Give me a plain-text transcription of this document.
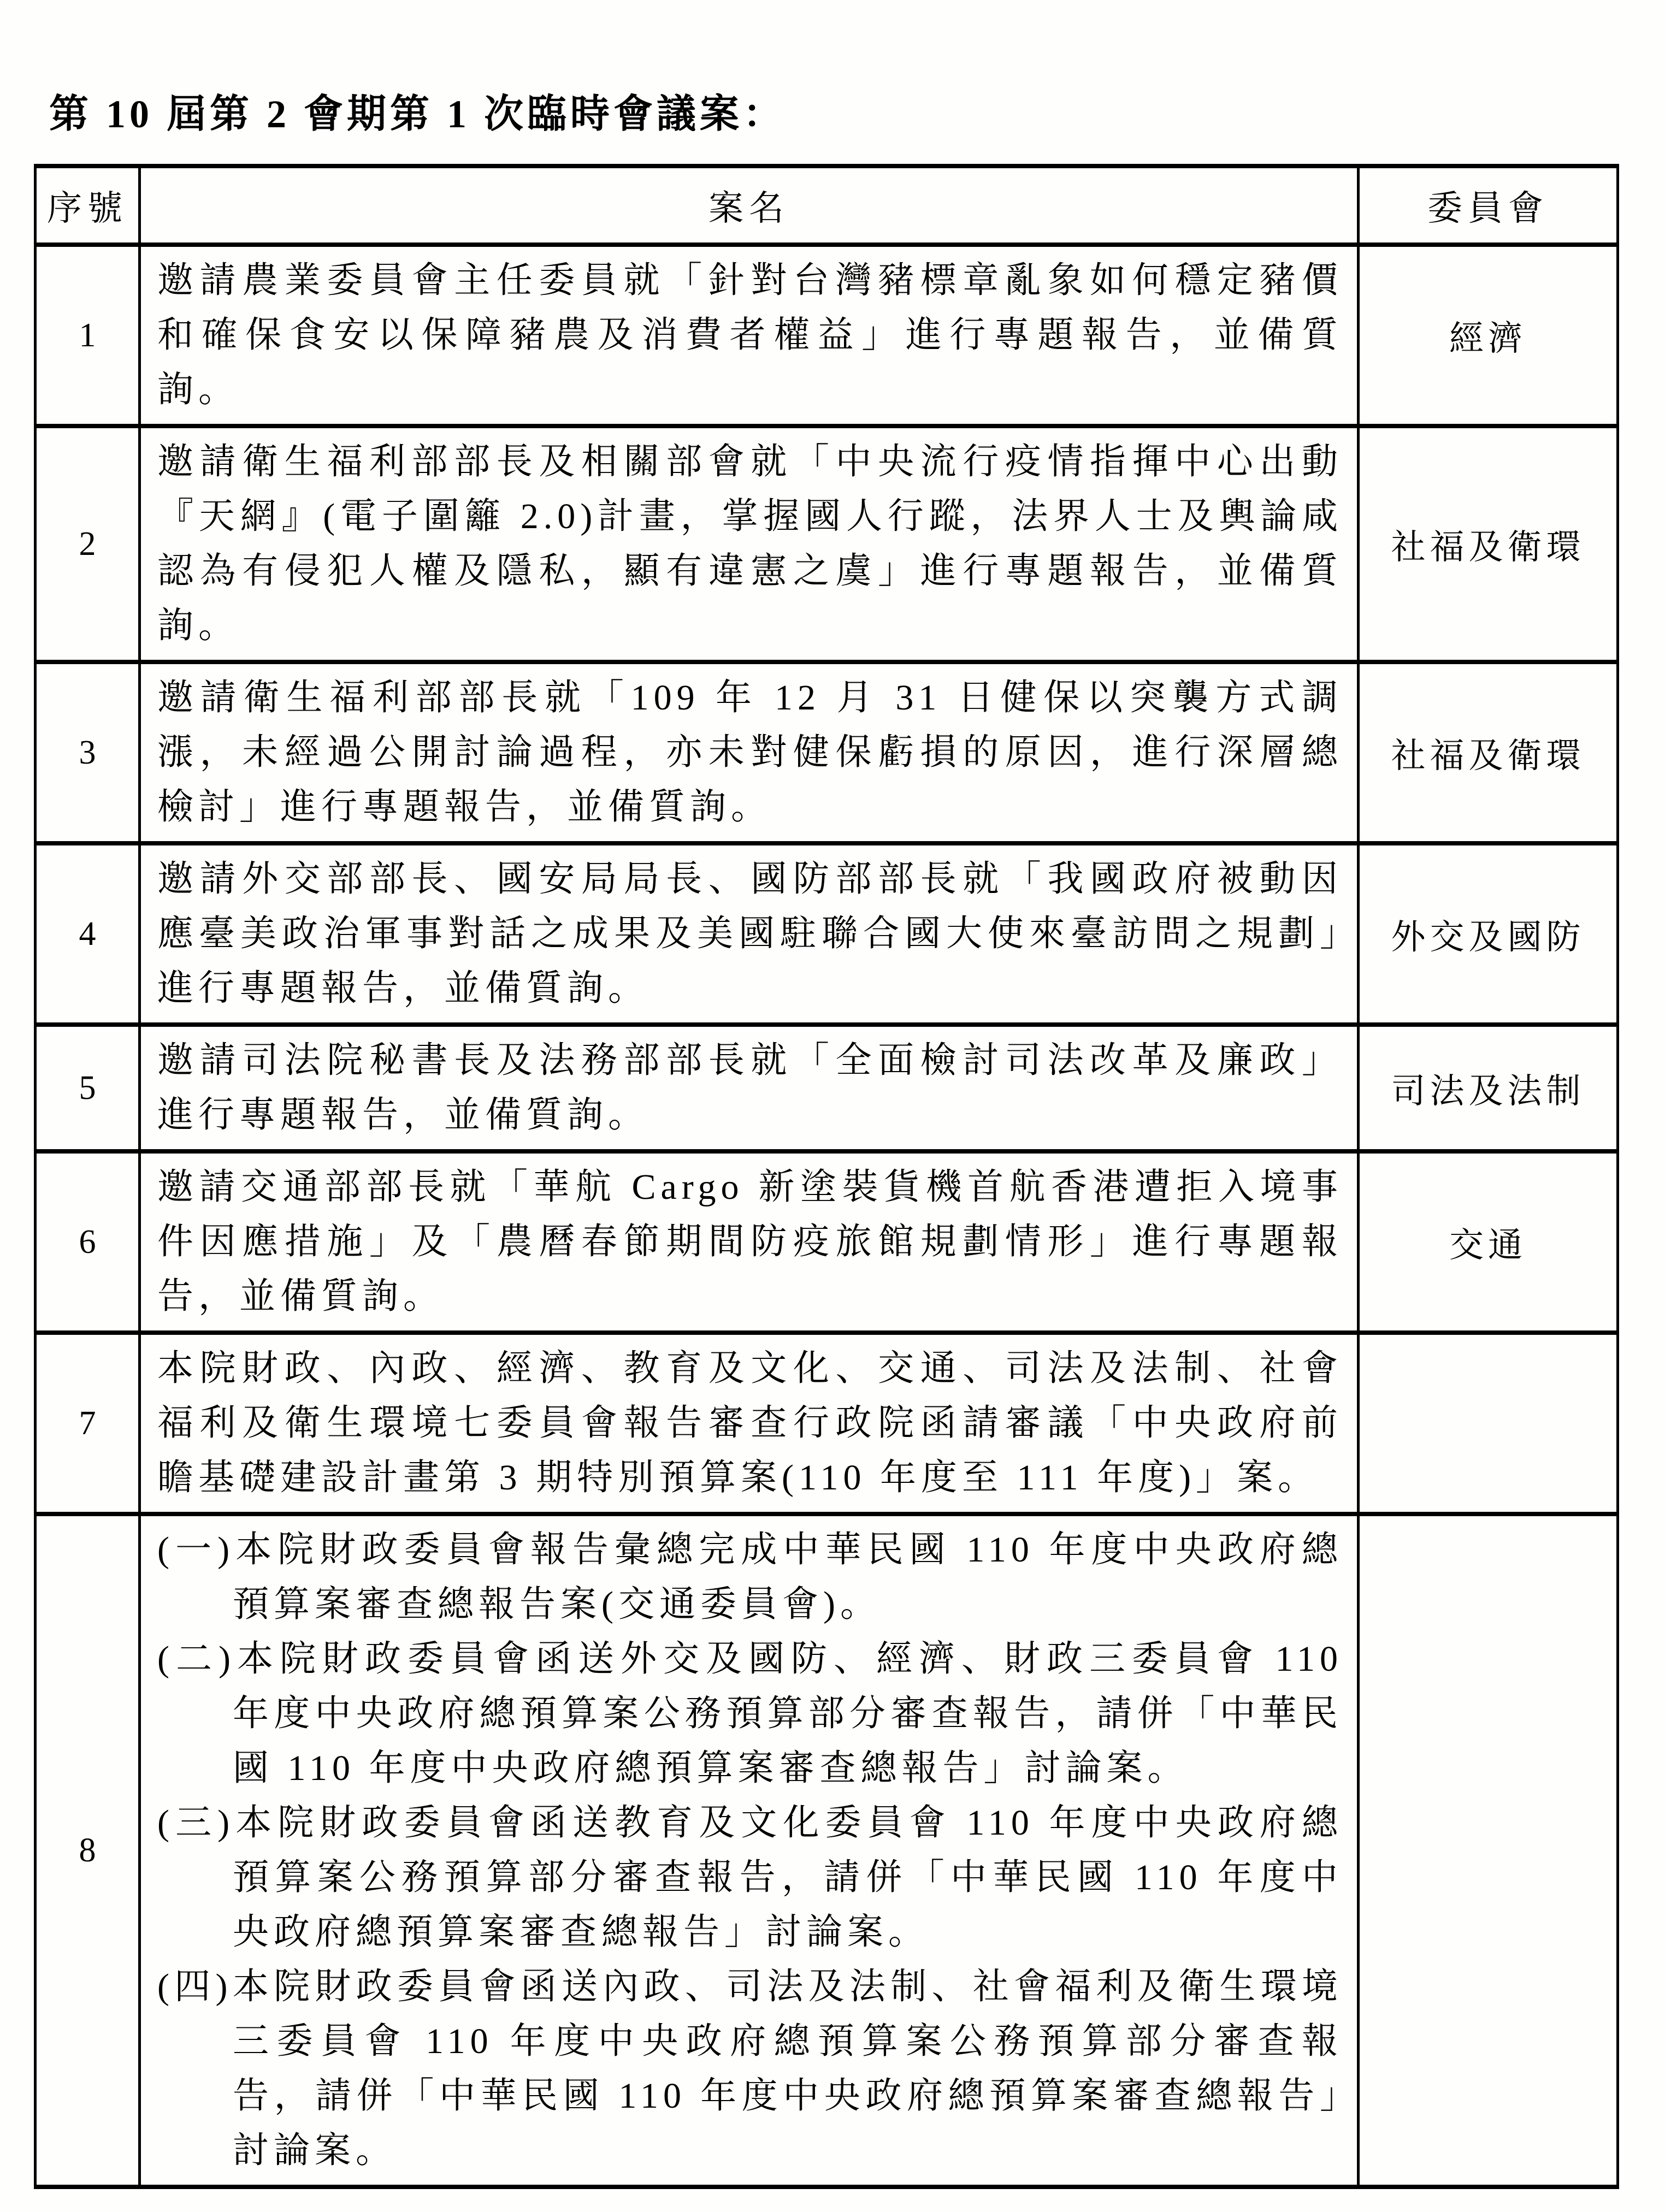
第 10 屆第 2 會期第 1 次臨時會議案：
序號	案名	委員會
1	邀請農業委員會主任委員就「針對台灣豬標章亂象如何穩定豬價和確保食安以保障豬農及消費者權益」進行專題報告，並備質詢。	經濟
2	邀請衛生福利部部長及相關部會就「中央流行疫情指揮中心出動『天網』(電子圍籬 2.0)計畫，掌握國人行蹤，法界人士及輿論咸認為有侵犯人權及隱私，顯有違憲之虞」進行專題報告，並備質詢。	社福及衛環
3	邀請衛生福利部部長就「109 年 12 月 31 日健保以突襲方式調漲，未經過公開討論過程，亦未對健保虧損的原因，進行深層總檢討」進行專題報告，並備質詢。	社福及衛環
4	邀請外交部部長、國安局局長、國防部部長就「我國政府被動因應臺美政治軍事對話之成果及美國駐聯合國大使來臺訪問之規劃」進行專題報告，並備質詢。	外交及國防
5	邀請司法院秘書長及法務部部長就「全面檢討司法改革及廉政」進行專題報告，並備質詢。	司法及法制
6	邀請交通部部長就「華航 Cargo 新塗裝貨機首航香港遭拒入境事件因應措施」及「農曆春節期間防疫旅館規劃情形」進行專題報告，並備質詢。	交通
7	本院財政、內政、經濟、教育及文化、交通、司法及法制、社會福利及衛生環境七委員會報告審查行政院函請審議「中央政府前瞻基礎建設計畫第 3 期特別預算案(110 年度至 111 年度)」案。	
8	(一)本院財政委員會報告彙總完成中華民國 110 年度中央政府總預算案審查總報告案(交通委員會)。
(二)本院財政委員會函送外交及國防、經濟、財政三委員會 110 年度中央政府總預算案公務預算部分審查報告，請併「中華民國 110 年度中央政府總預算案審查總報告」討論案。
(三)本院財政委員會函送教育及文化委員會 110 年度中央政府總預算案公務預算部分審查報告，請併「中華民國 110 年度中央政府總預算案審查總報告」討論案。
(四)本院財政委員會函送內政、司法及法制、社會福利及衛生環境三委員會 110 年度中央政府總預算案公務預算部分審查報告，請併「中華民國 110 年度中央政府總預算案審查總報告」討論案。	
